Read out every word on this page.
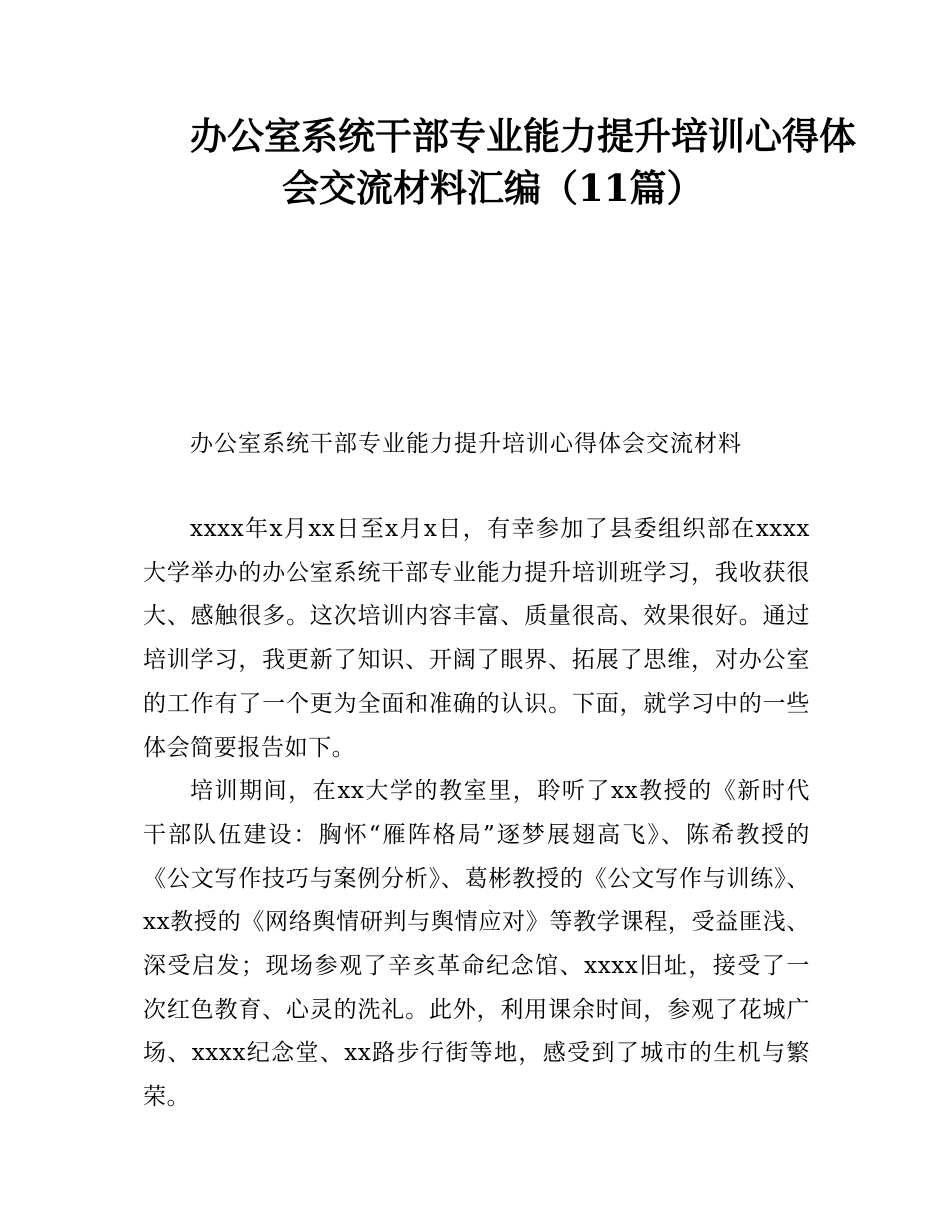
办公室系统干部专业能力提升培训心得体
会交流材料汇编（11篇）
办公室系统干部专业能力提升培训心得体会交流材料

xxxx年x月xx日至x月x日，有幸参加了县委组织部在xxxx大学举办的办公室系统干部专业能力提升培训班学习，我收获很大、感触很多。这次培训内容丰富、质量很高、效果很好。通过培训学习，我更新了知识、开阔了眼界、拓展了思维，对办公室的工作有了一个更为全面和准确的认识。下面，就学习中的一些体会简要报告如下。

培训期间，在xx大学的教室里，聆听了xx教授的《新时代干部队伍建设：胸怀“雁阵格局”逐梦展翅高飞》、陈希教授的《公文写作技巧与案例分析》、葛彬教授的《公文写作与训练》、xx教授的《网络舆情研判与舆情应对》等教学课程，受益匪浅、深受启发；现场参观了辛亥革命纪念馆、xxxx旧址，接受了一次红色教育、心灵的洗礼。此外，利用课余时间，参观了花城广场、xxxx纪念堂、xx路步行街等地，感受到了城市的生机与繁荣。
